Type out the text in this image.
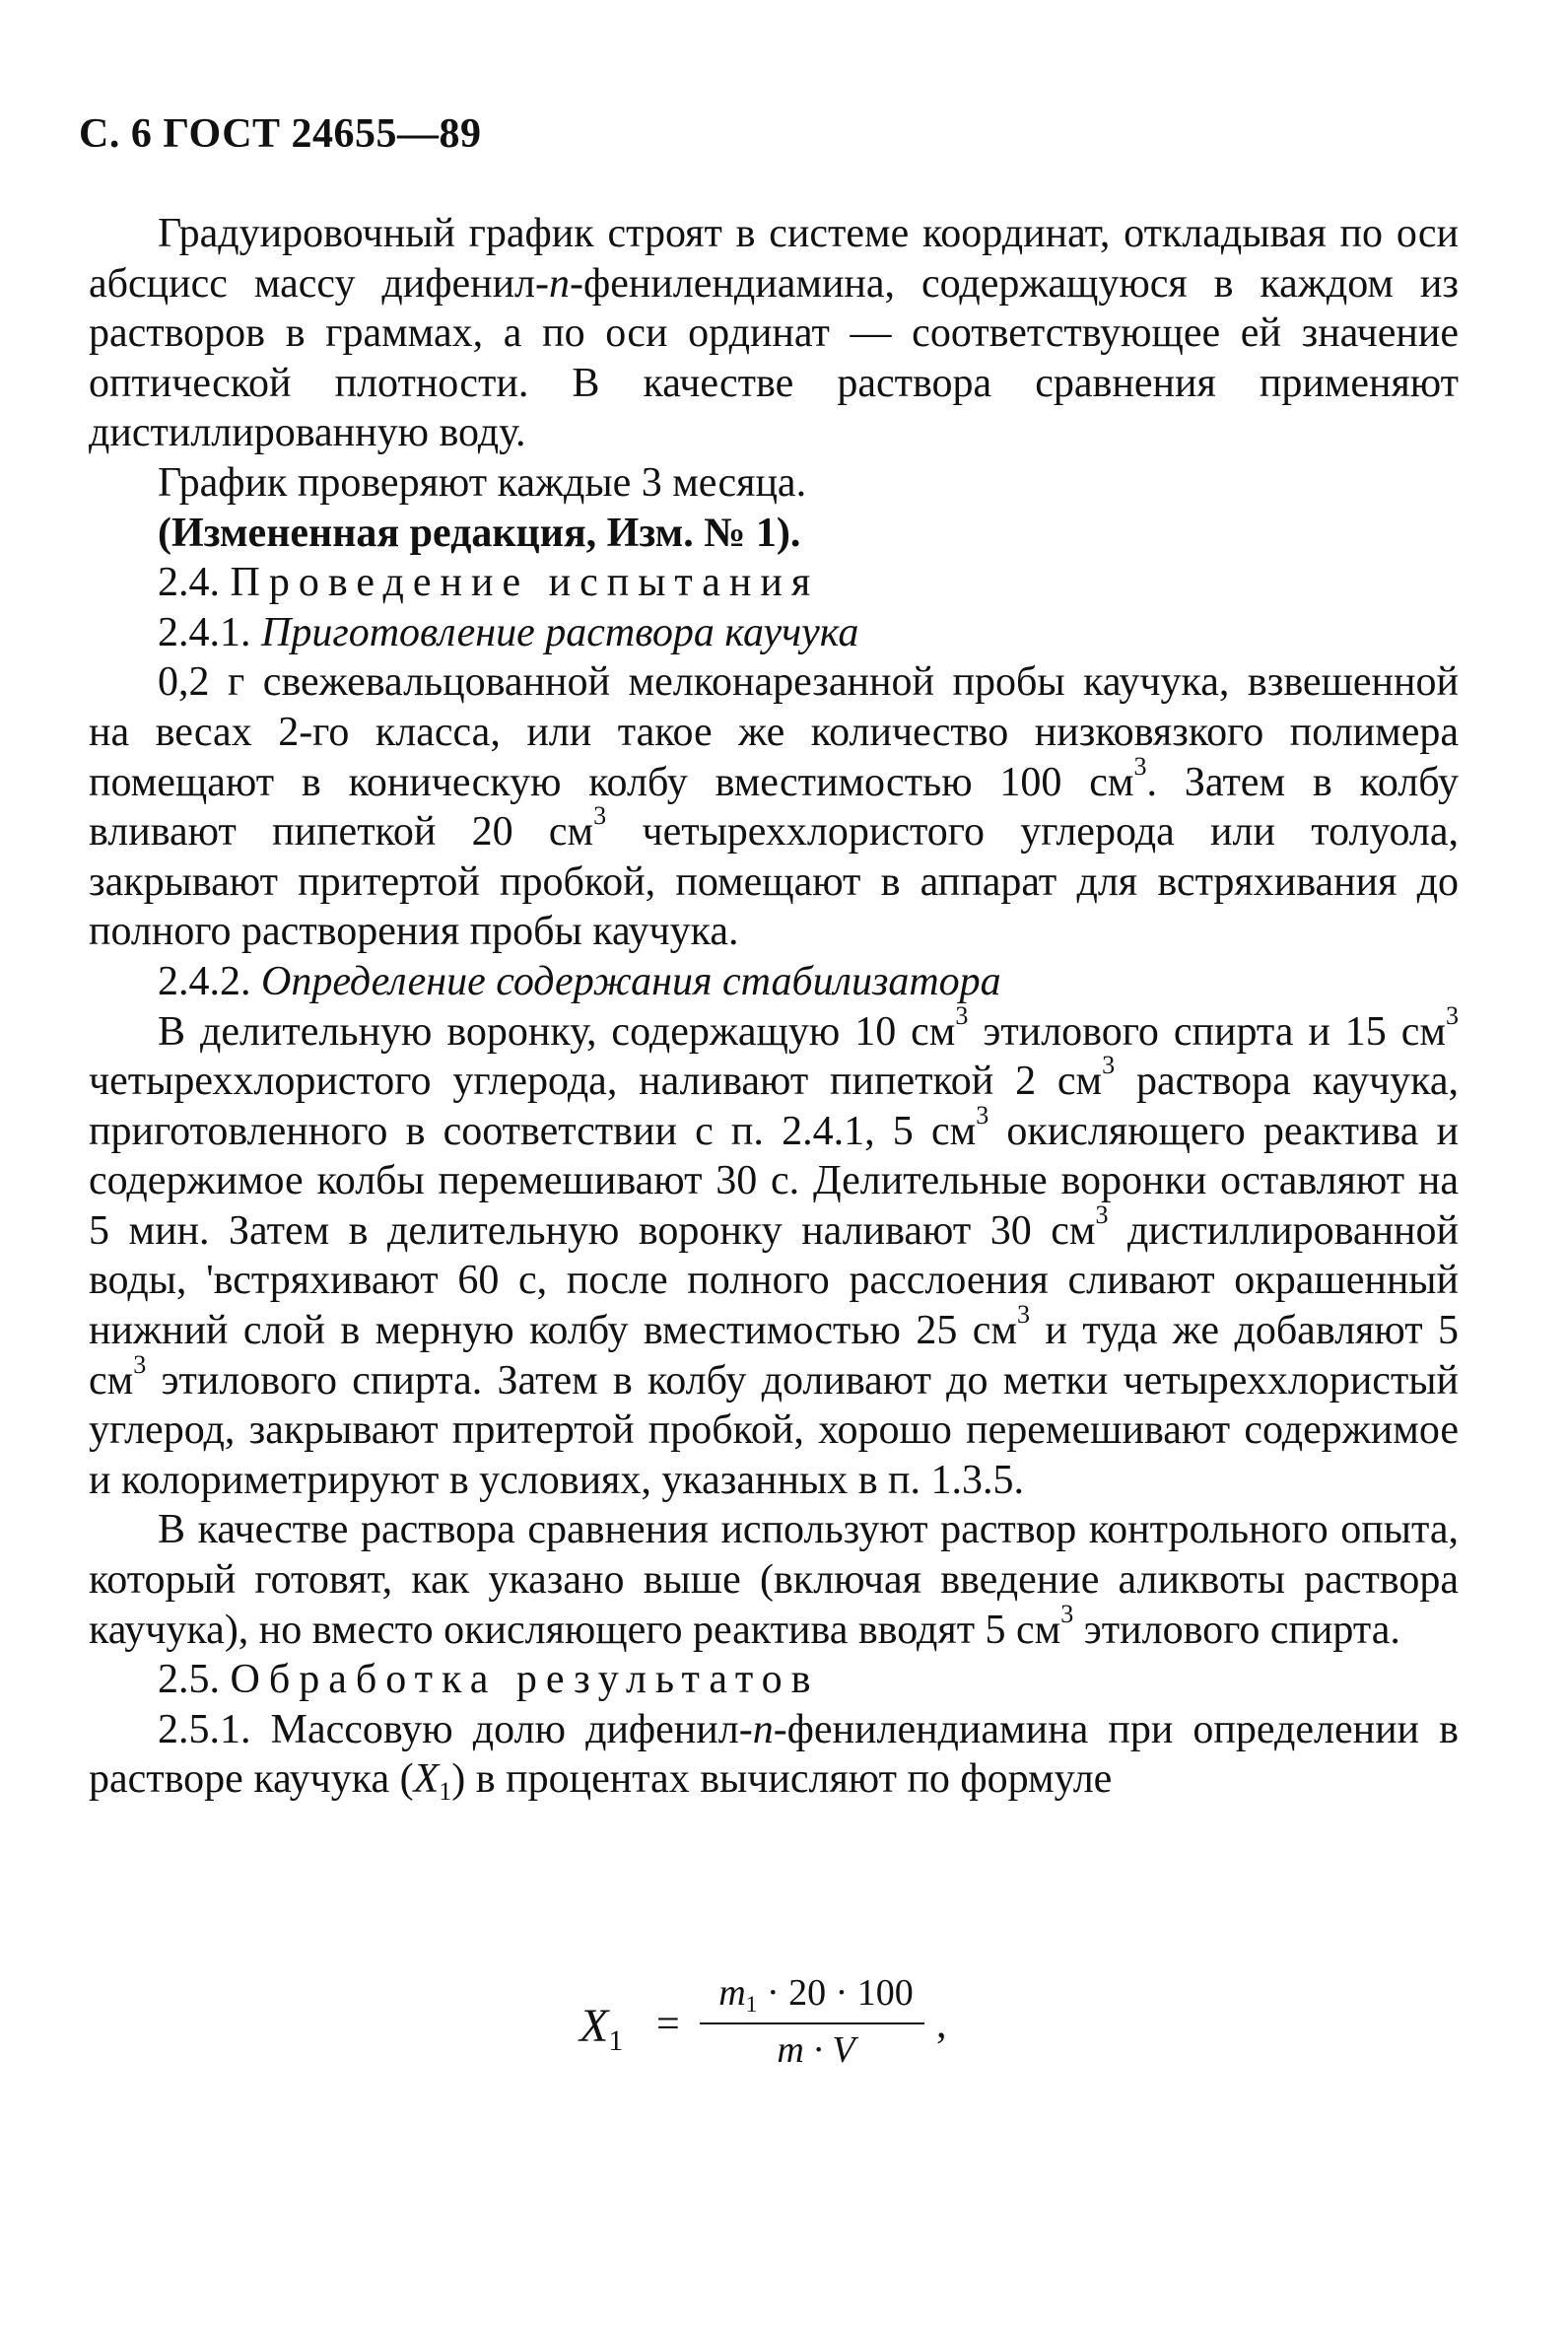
С. 6 ГОСТ 24655—89

Градуировочный график строят в системе координат, откладывая по оси абсцисс массу дифенил-n-фенилендиамина, содержащуюся в каждом из растворов в граммах, а по оси ординат — соответствующее ей значение оптической плотности. В качестве раствора сравнения применяют дистиллированную воду.

График проверяют каждые 3 месяца.

(Измененная редакция, Изм. № 1).

2.4. Проведение испытания

2.4.1. Приготовление раствора каучука

0,2 г свежевальцованной мелконарезанной пробы каучука, взвешенной на весах 2-го класса, или такое же количество низковязкого полимера помещают в коническую колбу вместимостью 100 $см^3$. Затем в колбу вливают пипеткой 20 $см^3$ четыреххлористого углерода или толуола, закрывают притертой пробкой, помещают в аппарат для встряхивания до полного растворения пробы каучука.

2.4.2. Определение содержания стабилизатора

В делительную воронку, содержащую 10 $см^3$ этилового спирта и 15 $см^3$ четыреххлористого углерода, наливают пипеткой 2 $см^3$ раствора каучука, приготовленного в соответствии с п. 2.4.1, 5 $см^3$ окисляющего реактива и содержимое колбы перемешивают 30 с. Делительные воронки оставляют на 5 мин. Затем в делительную воронку наливают 30 $см^3$ дистиллированной воды, 'встряхивают 60 с, после полного расслоения сливают окрашенный нижний слой в мерную колбу вместимостью 25 $см^3$ и туда же добавляют 5 $см^3$ этилового спирта. Затем в колбу доливают до метки четыреххлористый углерод, закрывают притертой пробкой, хорошо перемешивают содержимое и колориметрируют в условиях, указанных в п. 1.3.5.

В качестве раствора сравнения используют раствор контрольного опыта, который готовят, как указано выше (включая введение аликвоты раствора каучука), но вместо окисляющего реактива вводят 5 $см^3$ этилового спирта.

2.5. Обработка результатов

2.5.1. Массовую долю дифенил-n-фенилендиамина при определении в растворе каучука $(X_1)$ в процентах вычисляют по формуле

$X_1$ =
$m_1 \cdot 20 \cdot 100$
m · V
,
